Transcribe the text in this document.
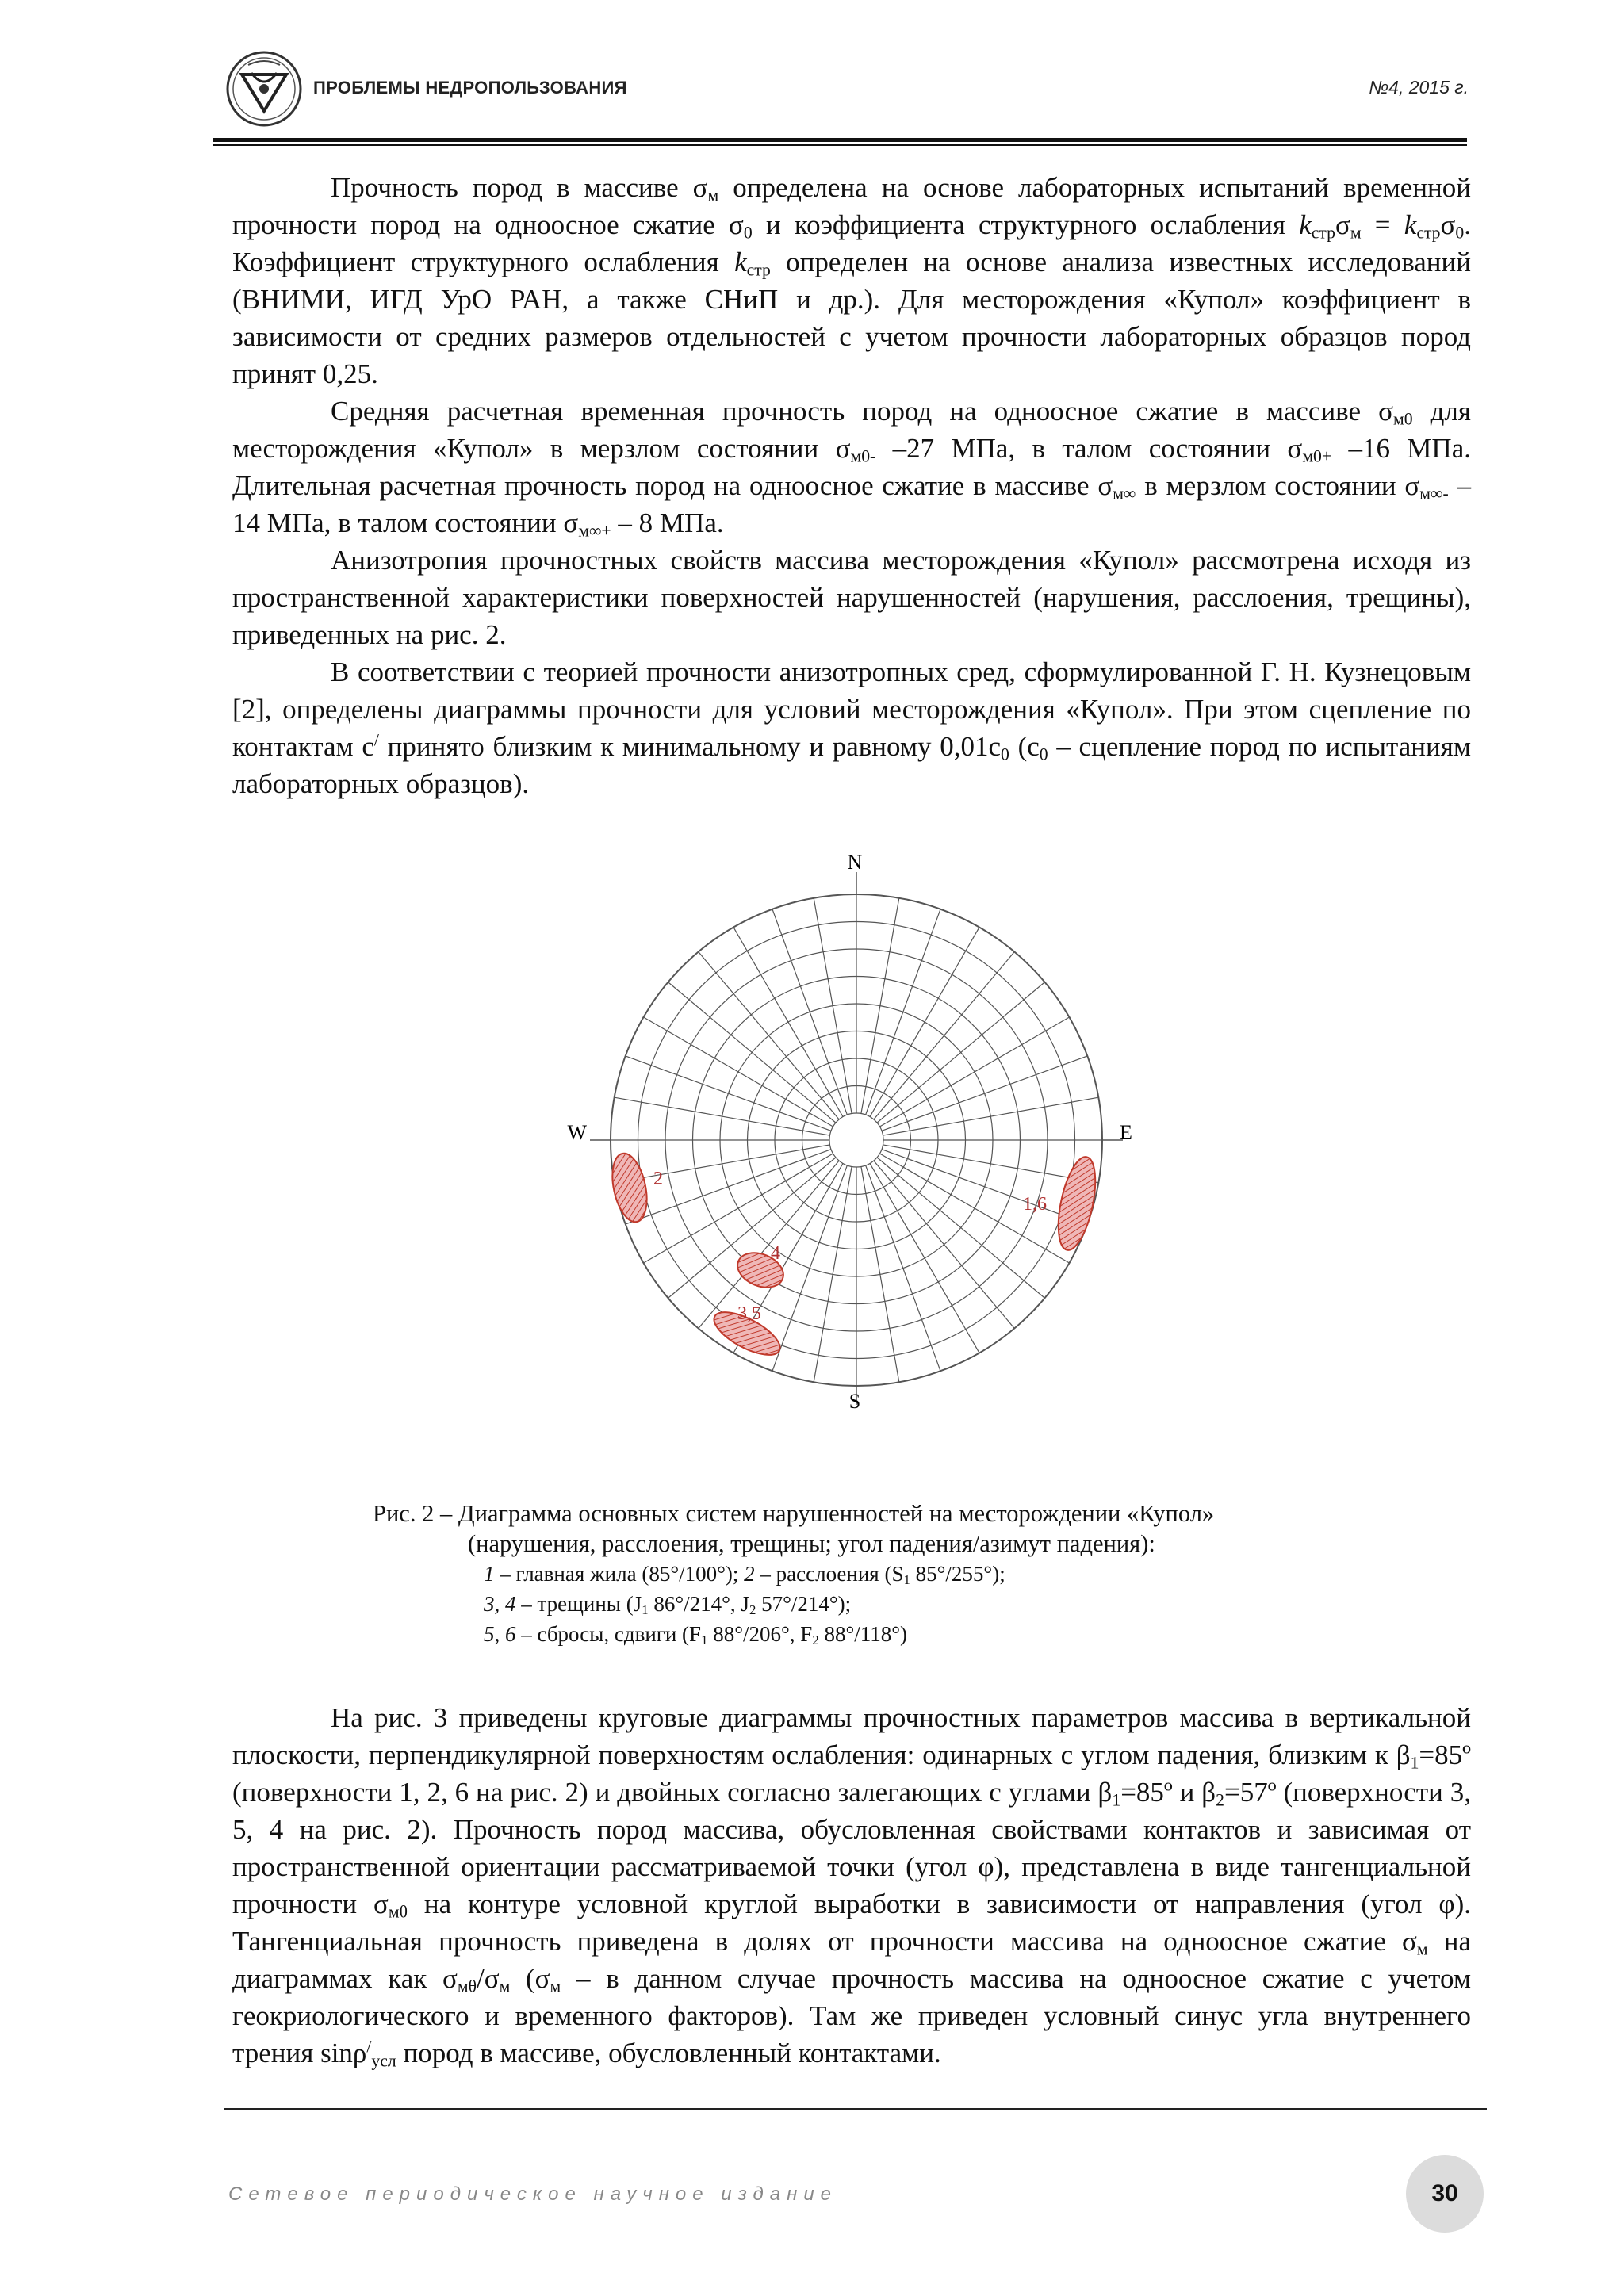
ПРОБЛЕМЫ НЕДРОПОЛЬЗОВАНИЯ	№4, 2015 г.

Прочность пород в массиве $\sigma_м$ определена на основе лабораторных испытаний временной прочности пород на одноосное сжатие $\sigma_0$ и коэффициента структурного ослабления $k_{стр}\sigma_м = k_{стр}\sigma_0$. Коэффициент структурного ослабления $k_{стр}$ определен на основе анализа известных исследований (ВНИМИ, ИГД УрО РАН, а также СНиП и др.). Для месторождения «Купол» коэффициент в зависимости от средних размеров отдельностей с учетом прочности лабораторных образцов пород принят 0,25.

Средняя расчетная временная прочность пород на одноосное сжатие в массиве $\sigma_{м0}$ для месторождения «Купол» в мерзлом состоянии $\sigma_{м0-}$ –27 МПа, в талом состоянии $\sigma_{м0+}$ –16 МПа. Длительная расчетная прочность пород на одноосное сжатие в массиве $\sigma_{м\infty}$ в мерзлом состоянии $\sigma_{м\infty-}$ –14 МПа, в талом состоянии $\sigma_{м\infty+} - 8$ МПа.

Анизотропия прочностных свойств массива месторождения «Купол» рассмотрена исходя из пространственной характеристики поверхностей нарушенностей (нарушения, расслоения, трещины), приведенных на рис. 2.

В соответствии с теорией прочности анизотропных сред, сформулированной Г. Н. Кузнецовым [2], определены диаграммы прочности для условий месторождения «Купол». При этом сцепление по контактам с/ принято близким к минимальному и равному $0,01с_0$ ($с_0$ – сцепление пород по испытаниям лабораторных образцов).

N
S
W	E
2
1,6
4
3,5
Рис. 2 – Диаграмма основных систем нарушенностей на месторождении «Купол»
(нарушения, расслоения, трещины; угол падения/азимут падения):
1 – главная жила (85°/100°); 2 – расслоения ($S_1$ 85°/255°);
3, 4 – трещины ($J_1$ 86°/214°, $J_2$ 57°/214°);
5, 6 – сбросы, сдвиги ($F_1$ 88°/206°, $F_2$ 88°/118°)

На рис. 3 приведены круговые диаграммы прочностных параметров массива в вертикальной плоскости, перпендикулярной поверхностям ослабления: одинарных с углом падения, близким к $\beta_1=85º$ (поверхности 1, 2, 6 на рис. 2) и двойных согласно залегающих с углами $\beta_1=85º$ и $\beta_2=57º$ (поверхности 3, 5, 4 на рис. 2). Прочность пород массива, обусловленная свойствами контактов и зависимая от пространственной ориентации рассматриваемой точки (угол φ), представлена в виде тангенциальной прочности $\sigma_{м\theta}$ на контуре условной круглой выработки в зависимости от направления (угол φ). Тангенциальная прочность приведена в долях от прочности массива на одноосное сжатие $\sigma_м$ на диаграммах как $\sigma_{м\theta}/\sigma_м$ ($\sigma_м$ – в данном случае прочность массива на одноосное сжатие с учетом геокриологического и временного факторов). Там же приведен условный синус угла внутреннего трения sinρ/$_{усл}$ пород в массиве, обусловленный контактами.

Сетевое периодическое научное издание	30
